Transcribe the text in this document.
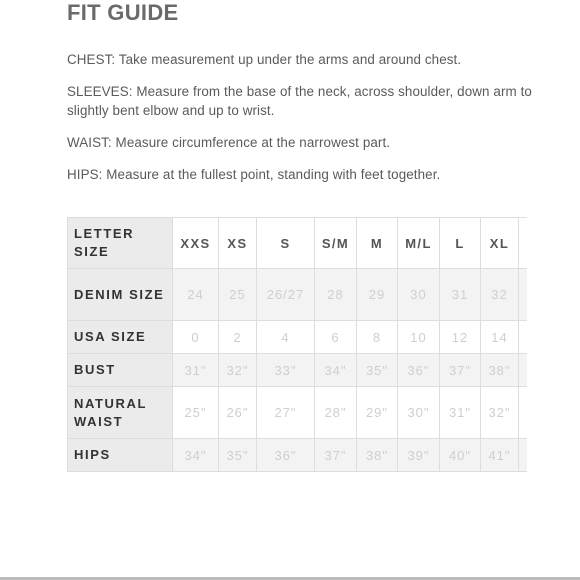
FIT GUIDE
CHEST: Take measurement up under the arms and around chest.
SLEEVES: Measure from the base of the neck, across shoulder, down arm to slightly bent elbow and up to wrist.
WAIST: Measure circumference at the narrowest part.
HIPS: Measure at the fullest point, standing with feet together.
LETTER SIZE	XXS	XS	S	S/M	M	M/L	L	XL	
DENIM SIZE	24	25	26/27	28	29	30	31	32	
USA SIZE	0	2	4	6	8	10	12	14	
BUST	31"	32"	33"	34"	35"	36"	37"	38"	
NATURAL WAIST	25"	26"	27"	28"	29"	30"	31"	32"	
HIPS	34"	35"	36"	37"	38"	39"	40"	41"	
